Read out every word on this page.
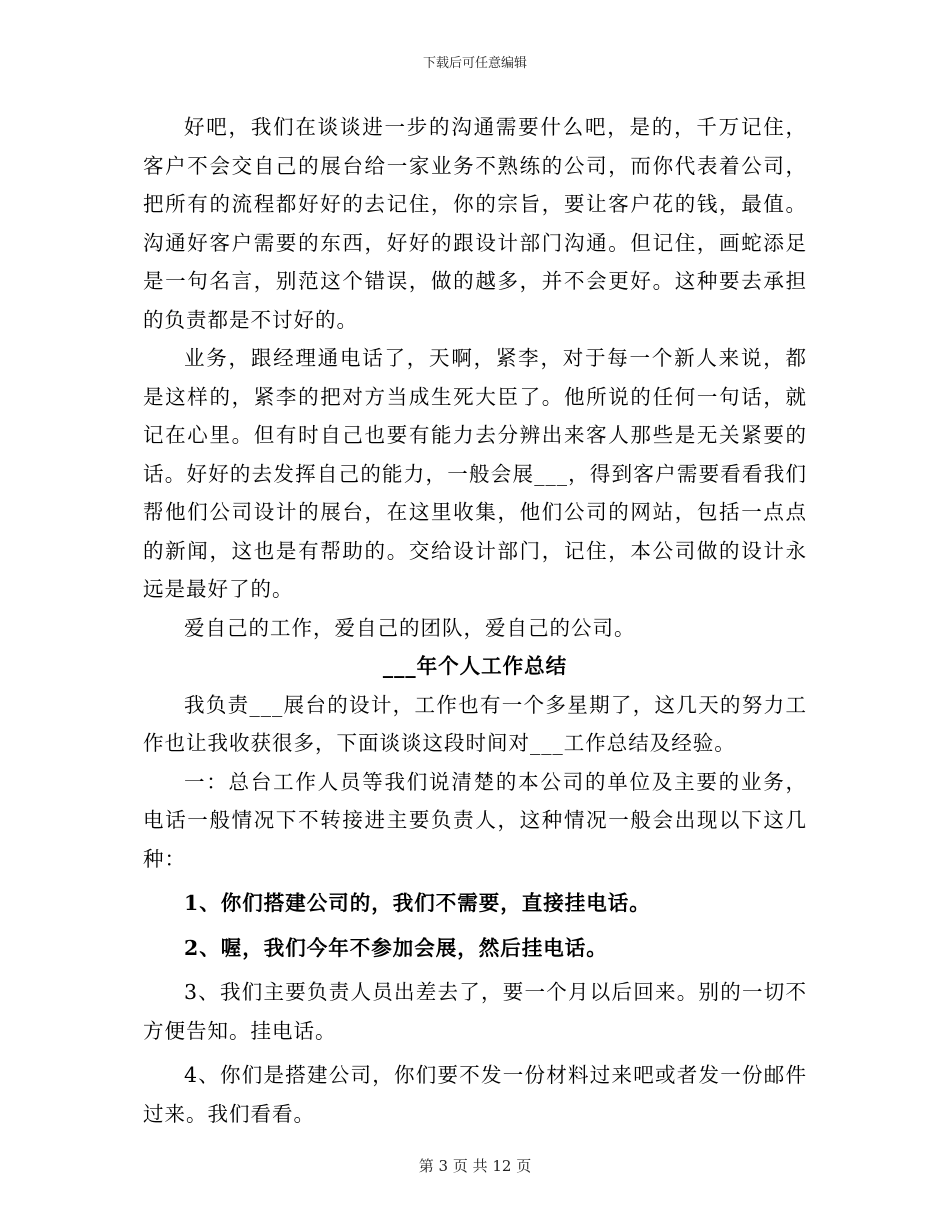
下载后可任意编辑

好吧，我们在谈谈进一步的沟通需要什么吧，是的，千万记住，客户不会交自己的展台给一家业务不熟练的公司，而你代表着公司，把所有的流程都好好的去记住，你的宗旨，要让客户花的钱，最值。沟通好客户需要的东西，好好的跟设计部门沟通。但记住，画蛇添足是一句名言，别范这个错误，做的越多，并不会更好。这种要去承担的负责都是不讨好的。

业务，跟经理通电话了，天啊，紧李，对于每一个新人来说，都是这样的，紧李的把对方当成生死大臣了。他所说的任何一句话，就记在心里。但有时自己也要有能力去分辨出来客人那些是无关紧要的话。好好的去发挥自己的能力，一般会展___，得到客户需要看看我们帮他们公司设计的展台，在这里收集，他们公司的网站，包括一点点的新闻，这也是有帮助的。交给设计部门，记住，本公司做的设计永远是最好了的。

爱自己的工作，爱自己的团队，爱自己的公司。

___年个人工作总结

我负责___展台的设计，工作也有一个多星期了，这几天的努力工作也让我收获很多，下面谈谈这段时间对___工作总结及经验。

一：总台工作人员等我们说清楚的本公司的单位及主要的业务，电话一般情况下不转接进主要负责人，这种情况一般会出现以下这几种：

1、你们搭建公司的，我们不需要，直接挂电话。

2、喔，我们今年不参加会展，然后挂电话。

3、我们主要负责人员出差去了，要一个月以后回来。别的一切不方便告知。挂电话。

4、你们是搭建公司，你们要不发一份材料过来吧或者发一份邮件过来。我们看看。

第 3 页 共 12 页
